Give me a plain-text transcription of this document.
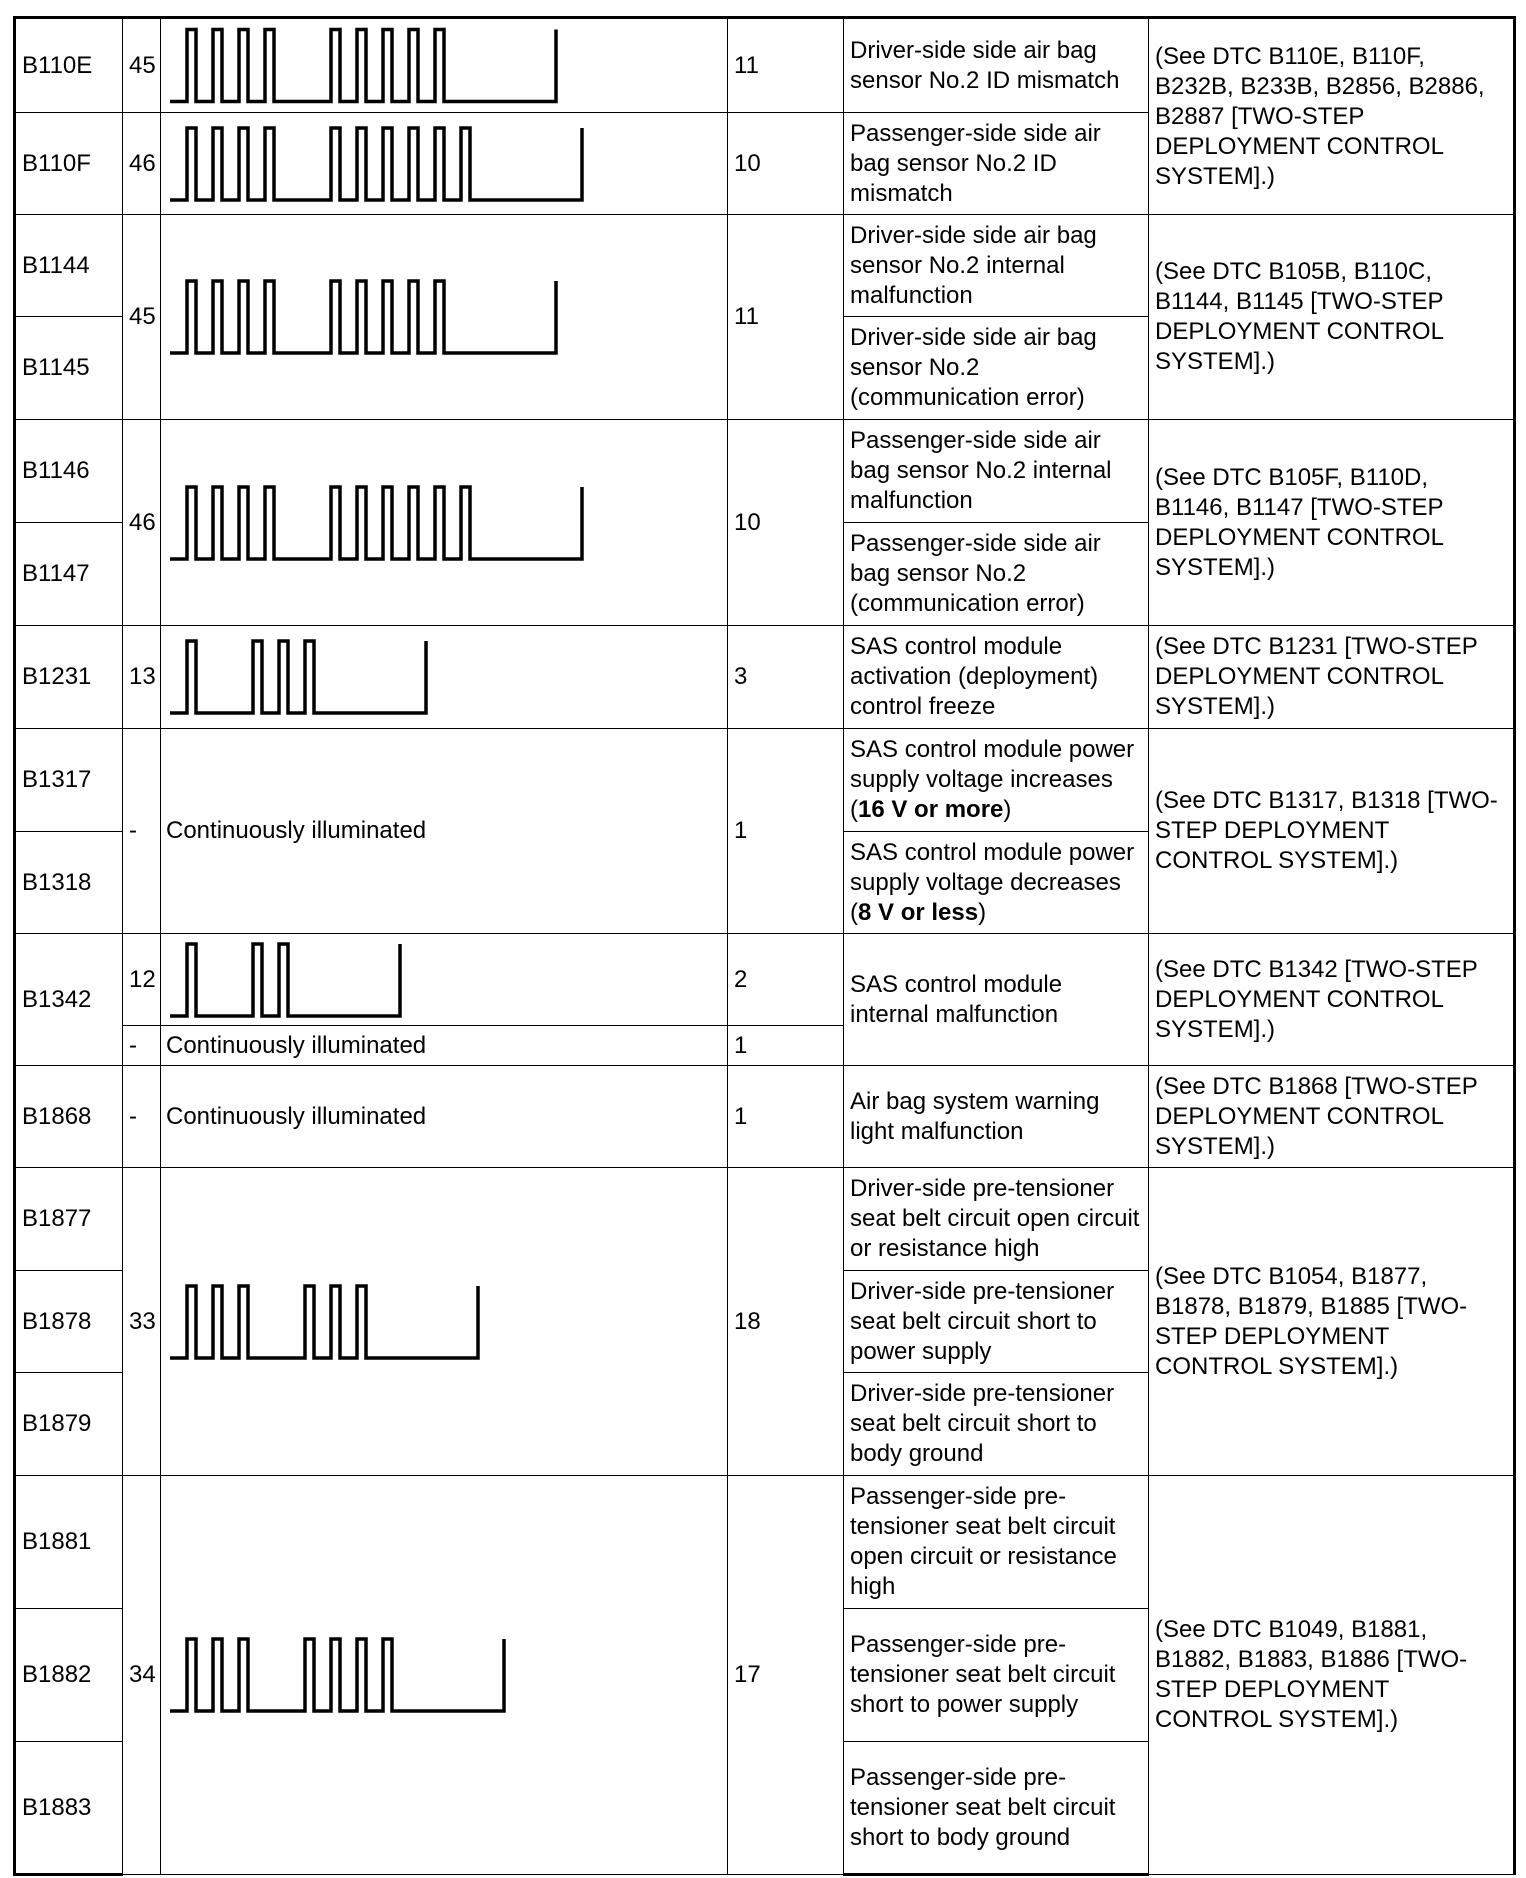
B110E	45		11	Driver-side side air bag sensor No.2 ID mismatch	(See DTC B110E, B110F, B232B, B233B, B2856, B2886, B2887 [TWO-STEP DEPLOYMENT CONTROL SYSTEM].)
B110F	46		10	Passenger-side side air bag sensor No.2 ID mismatch	
B1144	45		11	Driver-side side air bag sensor No.2 internal malfunction	(See DTC B105B, B110C, B1144, B1145 [TWO-STEP DEPLOYMENT CONTROL SYSTEM].)
B1145				Driver-side side air bag sensor No.2 (communication error)	
B1146	46		10	Passenger-side side air bag sensor No.2 internal malfunction	(See DTC B105F, B110D, B1146, B1147 [TWO-STEP DEPLOYMENT CONTROL SYSTEM].)
B1147				Passenger-side side air bag sensor No.2 (communication error)	
B1231	13		3	SAS control module activation (deployment) control freeze	(See DTC B1231 [TWO-STEP DEPLOYMENT CONTROL SYSTEM].)
B1317	-	Continuously illuminated	1	SAS control module power supply voltage increases (16 V or more)	(See DTC B1317, B1318 [TWO-STEP DEPLOYMENT CONTROL SYSTEM].)
B1318				SAS control module power supply voltage decreases (8 V or less)	
B1342	12		2	SAS control module internal malfunction	(See DTC B1342 [TWO-STEP DEPLOYMENT CONTROL SYSTEM].)
	-	Continuously illuminated	1		
B1868	-	Continuously illuminated	1	Air bag system warning light malfunction	(See DTC B1868 [TWO-STEP DEPLOYMENT CONTROL SYSTEM].)
B1877	33		18	Driver-side pre-tensioner seat belt circuit open circuit or resistance high	(See DTC B1054, B1877, B1878, B1879, B1885 [TWO-STEP DEPLOYMENT CONTROL SYSTEM].)
B1878				Driver-side pre-tensioner seat belt circuit short to power supply	
B1879				Driver-side pre-tensioner seat belt circuit short to body ground	
B1881	34		17	Passenger-side pre-tensioner seat belt circuit open circuit or resistance high	(See DTC B1049, B1881, B1882, B1883, B1886 [TWO-STEP DEPLOYMENT CONTROL SYSTEM].)
B1882				Passenger-side pre-tensioner seat belt circuit short to power supply	
B1883				Passenger-side pre-tensioner seat belt circuit short to body ground	
